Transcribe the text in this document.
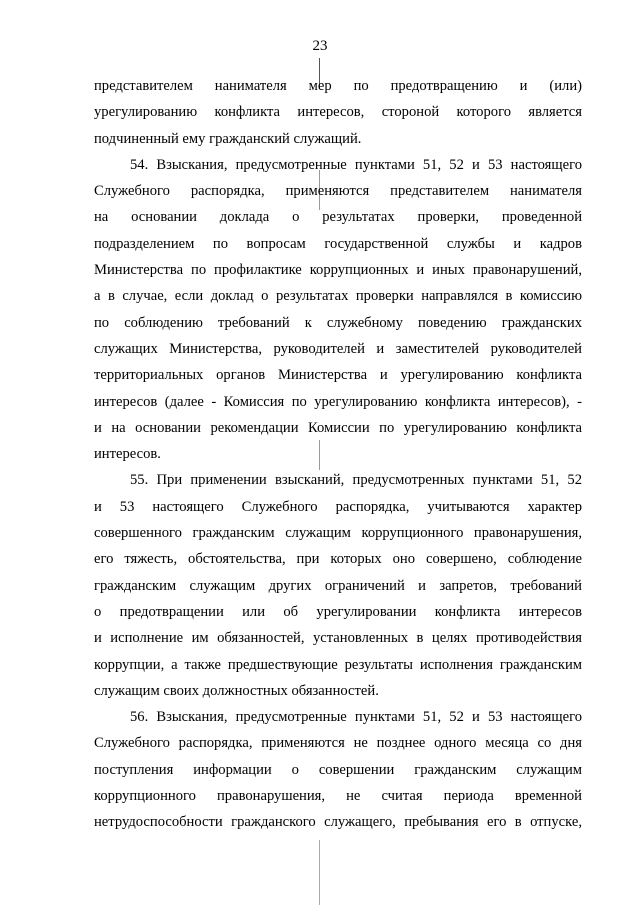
23

представителем нанимателя мер по предотвращению и (или)
урегулированию конфликта интересов, стороной которого является
подчиненный ему гражданский служащий.

54. Взыскания, предусмотренные пунктами 51, 52 и 53 настоящего
Служебного распорядка, применяются представителем нанимателя
на основании доклада о результатах проверки, проведенной
подразделением по вопросам государственной службы и кадров
Министерства по профилактике коррупционных и иных правонарушений,
а в случае, если доклад о результатах проверки направлялся в комиссию
по соблюдению требований к служебному поведению гражданских
служащих Министерства, руководителей и заместителей руководителей
территориальных органов Министерства и урегулированию конфликта
интересов (далее - Комиссия по урегулированию конфликта интересов), -
и на основании рекомендации Комиссии по урегулированию конфликта
интересов.

55. При применении взысканий, предусмотренных пунктами 51, 52
и 53 настоящего Служебного распорядка, учитываются характер
совершенного гражданским служащим коррупционного правонарушения,
его тяжесть, обстоятельства, при которых оно совершено, соблюдение
гражданским служащим других ограничений и запретов, требований
о предотвращении или об урегулировании конфликта интересов
и исполнение им обязанностей, установленных в целях противодействия
коррупции, а также предшествующие результаты исполнения гражданским
служащим своих должностных обязанностей.

56. Взыскания, предусмотренные пунктами 51, 52 и 53 настоящего
Служебного распорядка, применяются не позднее одного месяца со дня
поступления информации о совершении гражданским служащим
коррупционного правонарушения, не считая периода временной
нетрудоспособности гражданского служащего, пребывания его в отпуске,
